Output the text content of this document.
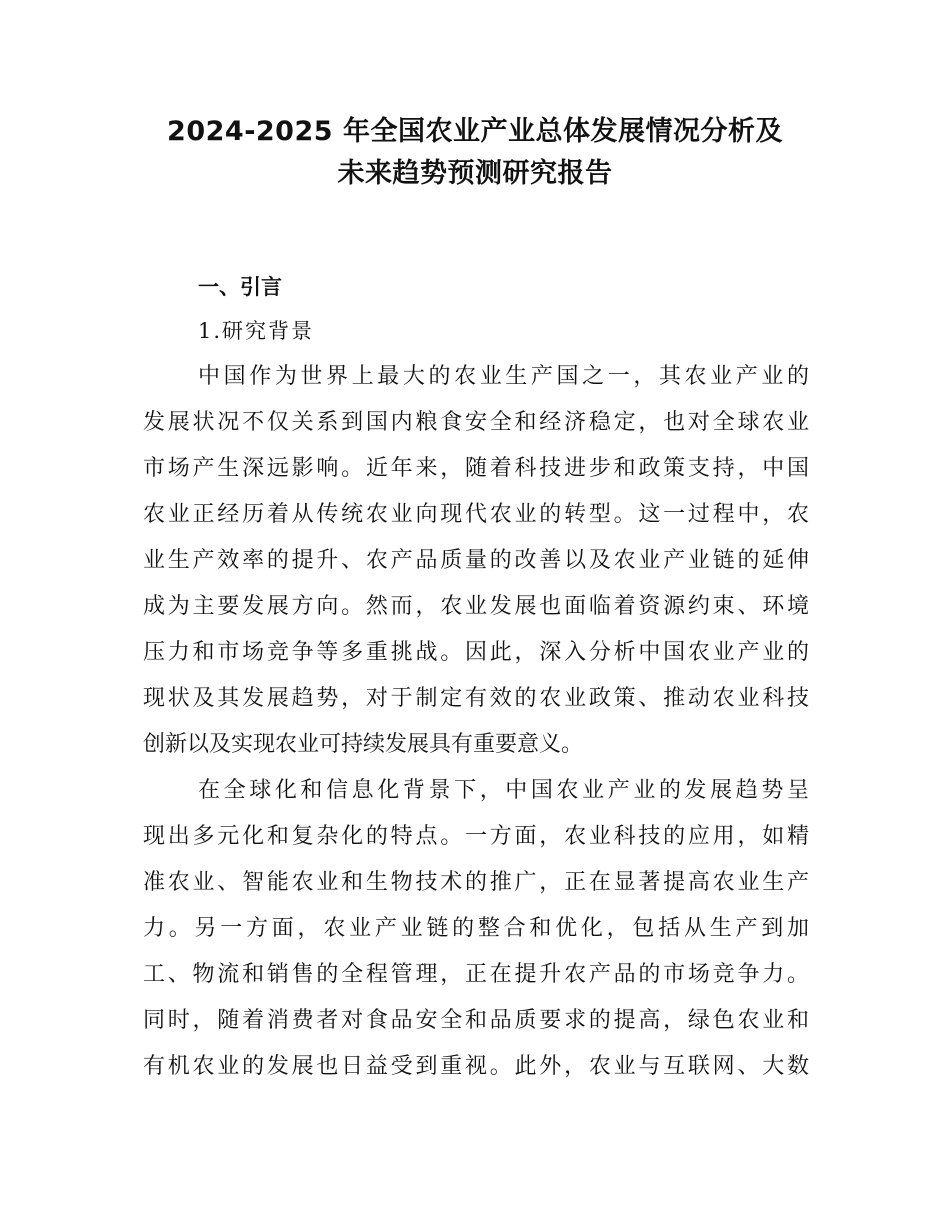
2024-2025 年全国农业产业总体发展情况分析及
未来趋势预测研究报告
一、引言
1.研究背景
中国作为世界上最大的农业生产国之一，其农业产业的
发展状况不仅关系到国内粮食安全和经济稳定，也对全球农业
市场产生深远影响。近年来，随着科技进步和政策支持，中国
农业正经历着从传统农业向现代农业的转型。这一过程中，农
业生产效率的提升、农产品质量的改善以及农业产业链的延伸
成为主要发展方向。然而，农业发展也面临着资源约束、环境
压力和市场竞争等多重挑战。因此，深入分析中国农业产业的
现状及其发展趋势，对于制定有效的农业政策、推动农业科技
创新以及实现农业可持续发展具有重要意义。
在全球化和信息化背景下，中国农业产业的发展趋势呈
现出多元化和复杂化的特点。一方面，农业科技的应用，如精
准农业、智能农业和生物技术的推广，正在显著提高农业生产
力。另一方面，农业产业链的整合和优化，包括从生产到加
工、物流和销售的全程管理，正在提升农产品的市场竞争力。
同时，随着消费者对食品安全和品质要求的提高，绿色农业和
有机农业的发展也日益受到重视。此外，农业与互联网、大数
